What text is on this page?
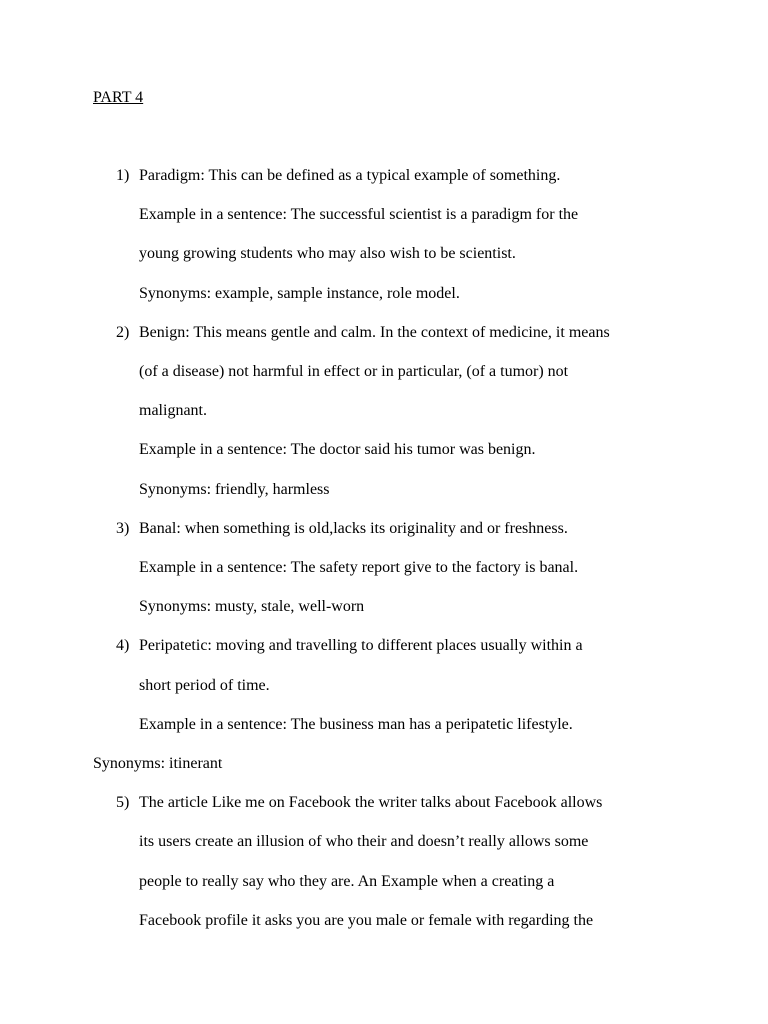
PART 4
1) Paradigm: This can be defined as a typical example of something.
Example in a sentence: The successful scientist is a paradigm for the
young growing students who may also wish to be scientist.
Synonyms: example, sample instance, role model.
2) Benign: This means gentle and calm. In the context of medicine, it means
(of a disease) not harmful in effect or in particular, (of a tumor) not
malignant.
Example in a sentence: The doctor said his tumor was benign.
Synonyms: friendly, harmless
3) Banal: when something is old,lacks its originality and or freshness.
Example in a sentence: The safety report give to the factory is banal.
Synonyms: musty, stale, well-worn
4) Peripatetic: moving and travelling to different places usually within a
short period of time.
Example in a sentence: The business man has a peripatetic lifestyle.
Synonyms: itinerant
5) The article Like me on Facebook the writer talks about Facebook allows
its users create an illusion of who their and doesn’t really allows some
people to really say who they are. An Example when a creating a
Facebook profile it asks you are you male or female with regarding the
